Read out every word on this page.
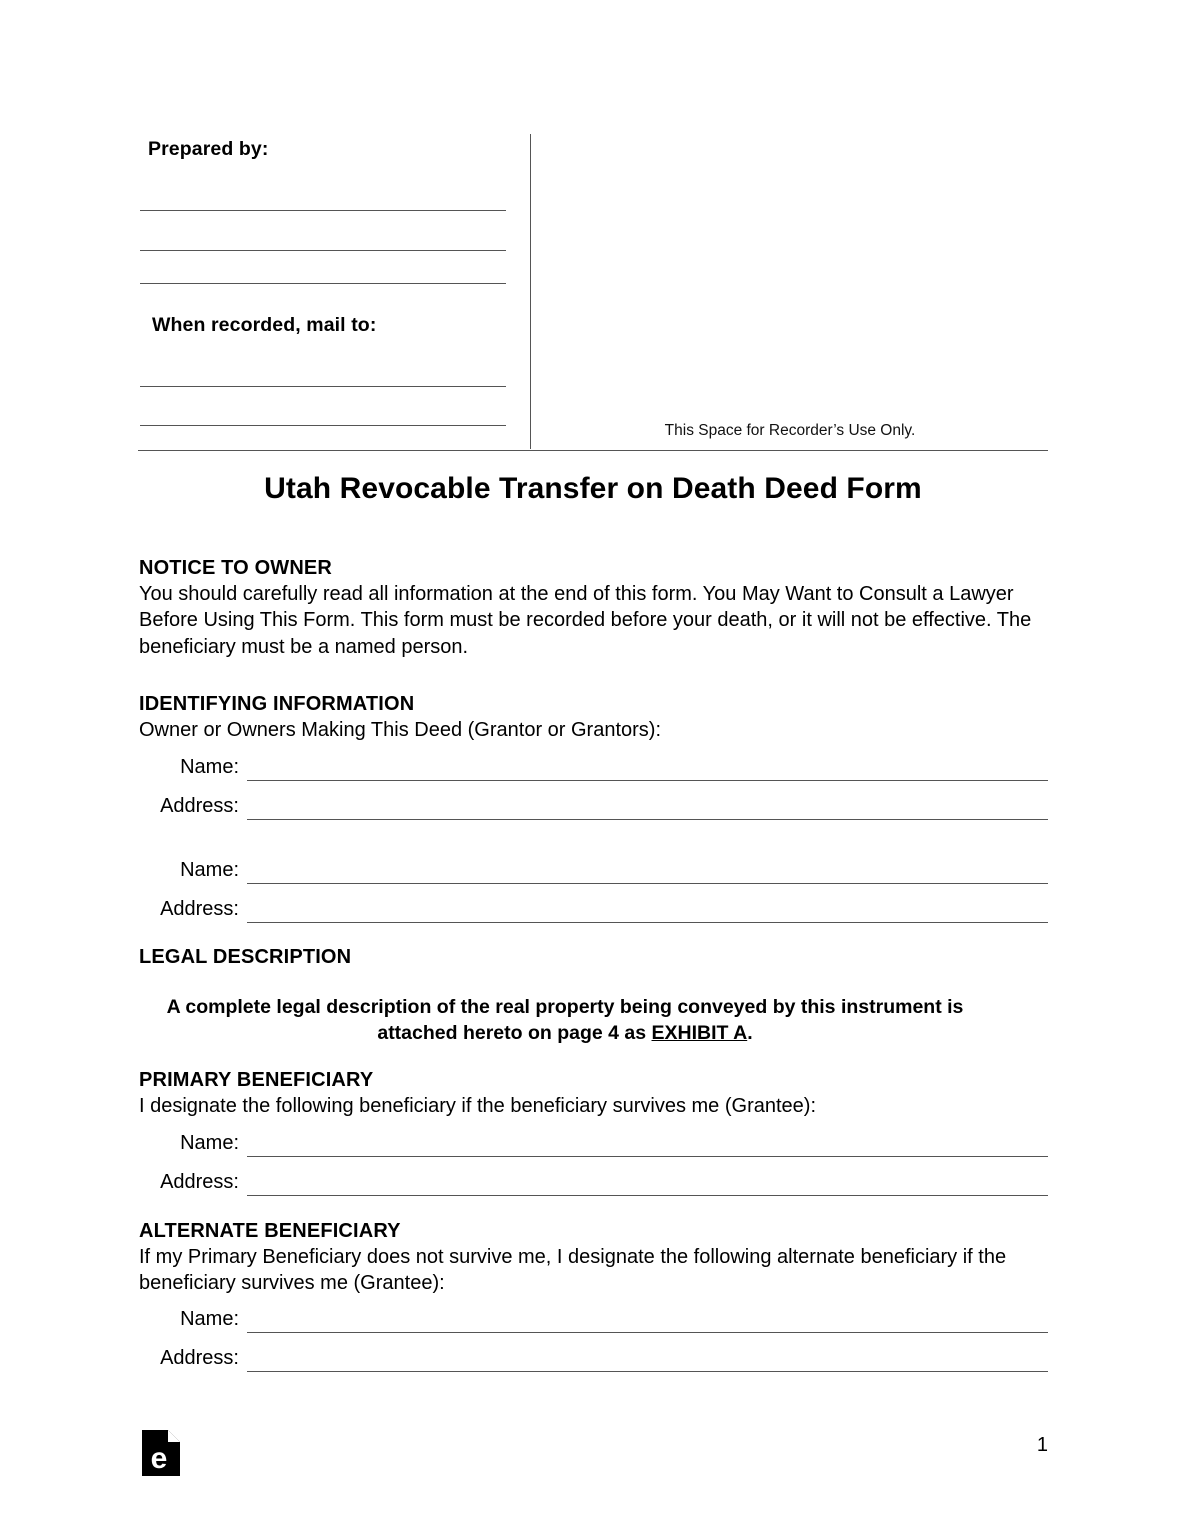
Prepared by:
When recorded, mail to:
This Space for Recorder’s Use Only.
Utah Revocable Transfer on Death Deed Form

NOTICE TO OWNER

You should carefully read all information at the end of this form. You May Want to Consult a Lawyer Before Using This Form. This form must be recorded before your death, or it will not be effective. The beneficiary must be a named person.

IDENTIFYING INFORMATION

Owner or Owners Making This Deed (Grantor or Grantors):

Name:
Address:
Name:
Address:

LEGAL DESCRIPTION

A complete legal description of the real property being conveyed by this instrument is attached hereto on page 4 as EXHIBIT A.

PRIMARY BENEFICIARY

I designate the following beneficiary if the beneficiary survives me (Grantee):

Name:
Address:

ALTERNATE BENEFICIARY

If my Primary Beneficiary does not survive me, I designate the following alternate beneficiary if the beneficiary survives me (Grantee):

Name:
Address:
e	1
